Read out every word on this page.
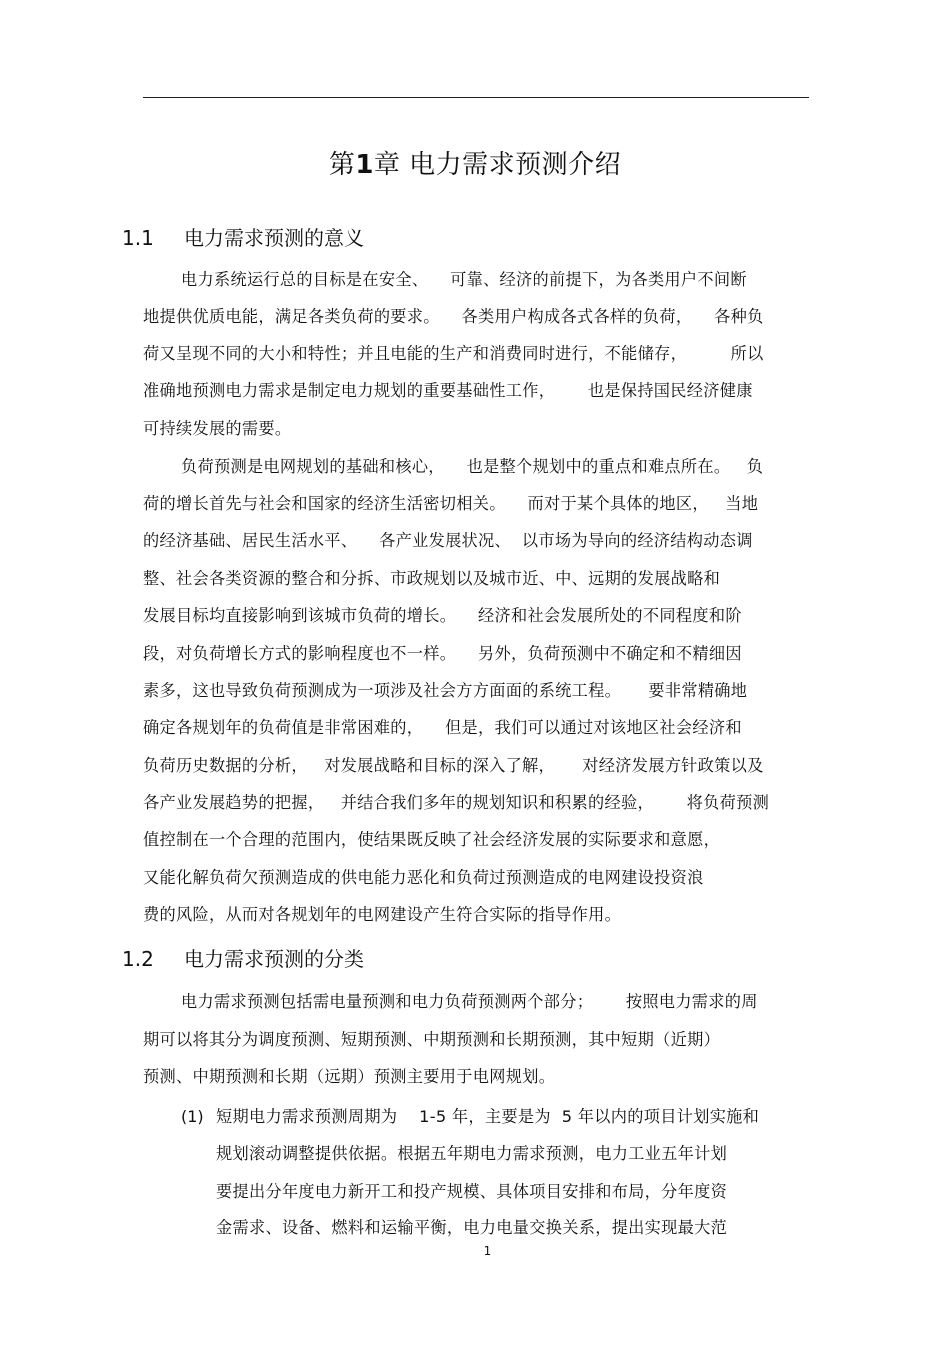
第1章 电力需求预测介绍
1.1 电力需求预测的意义
电力系统运行总的目标是在安全、    可靠、经济的前提下，为各类用户不间断
地提供优质电能，满足各类负荷的要求。    各类用户构成各式各样的负荷，    各种负
荷又呈现不同的大小和特性；并且电能的生产和消费同时进行，不能储存，        所以
准确地预测电力需求是制定电力规划的重要基础性工作，      也是保持国民经济健康
可持续发展的需要。
负荷预测是电网规划的基础和核心，    也是整个规划中的重点和难点所在。   负
荷的增长首先与社会和国家的经济生活密切相关。    而对于某个具体的地区，   当地
的经济基础、居民生活水平、    各产业发展状况、  以市场为导向的经济结构动态调
整、社会各类资源的整合和分拆、市政规划以及城市近、中、远期的发展战略和
发展目标均直接影响到该城市负荷的增长。    经济和社会发展所处的不同程度和阶
段，对负荷增长方式的影响程度也不一样。    另外，负荷预测中不确定和不精细因
素多，这也导致负荷预测成为一项涉及社会方方面面的系统工程。     要非常精确地
确定各规划年的负荷值是非常困难的，    但是，我们可以通过对该地区社会经济和
负荷历史数据的分析，   对发展战略和目标的深入了解，     对经济发展方针政策以及
各产业发展趋势的把握，   并结合我们多年的规划知识和积累的经验，      将负荷预测
值控制在一个合理的范围内，使结果既反映了社会经济发展的实际要求和意愿，
又能化解负荷欠预测造成的供电能力恶化和负荷过预测造成的电网建设投资浪
费的风险，从而对各规划年的电网建设产生符合实际的指导作用。
1.2 电力需求预测的分类
电力需求预测包括需电量预测和电力负荷预测两个部分；      按照电力需求的周
期可以将其分为调度预测、短期预测、中期预测和长期预测，其中短期（近期）
预测、中期预测和长期（远期）预测主要用于电网规划。
(1) 短期电力需求预测周期为    1-5 年，主要是为  5 年以内的项目计划实施和
规划滚动调整提供依据。根据五年期电力需求预测，电力工业五年计划
要提出分年度电力新开工和投产规模、具体项目安排和布局，分年度资
金需求、设备、燃料和运输平衡，电力电量交换关系，提出实现最大范
1
